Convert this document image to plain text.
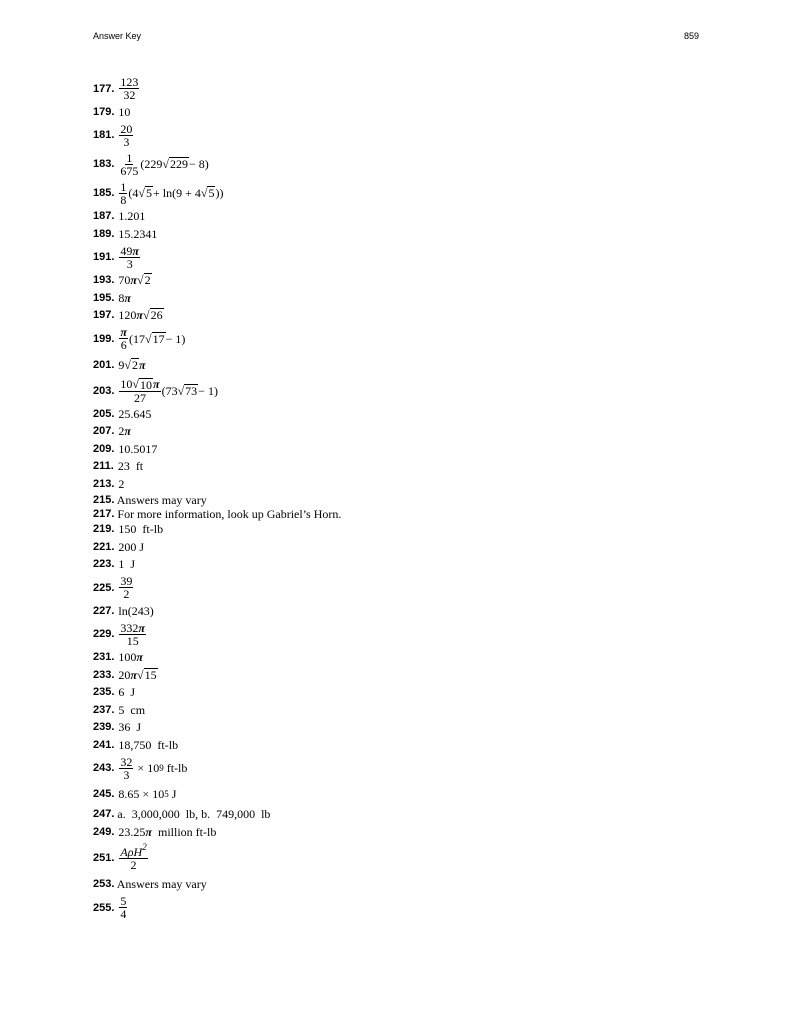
Answer Key	859
177 . $\frac{123}{32}$
179 . 10
181 . $\frac{20}{3}$
183 . $\frac{1}{675} (229$ √ 229 − 8)
185 . $\frac{1}{8} (4$ √ 5 + ln(9 + 4 √ 5 ))
187 . 1.201
189 . 15.2341
191 . $\frac{49\pi}{3}$
193 . 70 π √ 2
195 . 8 π
197 . 120 π √ 26
199 . $\frac{\pi}{6} (17$ √ 17 − 1)
201 . 9 √ 2 π
203 . $\frac{10 √ 10 \pi}{27} (73$ √ 73 − 1)
205 . 25.645
207 . 2 π
209 . 10.5017
211 . 23  ft
213 . 2
215 . Answers may vary
217 . For more information, look up Gabriel’s Horn.
219 . 150  ft-lb
221 . 200 J
223 . 1  J
225 . $\frac{39}{2}$
227 . ln(243)
229 . $\frac{332\pi}{15}$
231 . 100 π
233 . 20 π √ 15
235 . 6  J
237 . 5  cm
239 . 36  J
241 . 18,750  ft-lb
243 . $\frac{32}{3} \times 10$ 9 ft-lb
245 . 8.65 × 10 5 J
247 . a.  3,000,000  lb, b.  749,000  lb
249 . 23.25 π million ft-lb
251 . $\frac{A\rho H^2}{2}$
253 . Answers may vary
255 . $\frac{5}{4}$
